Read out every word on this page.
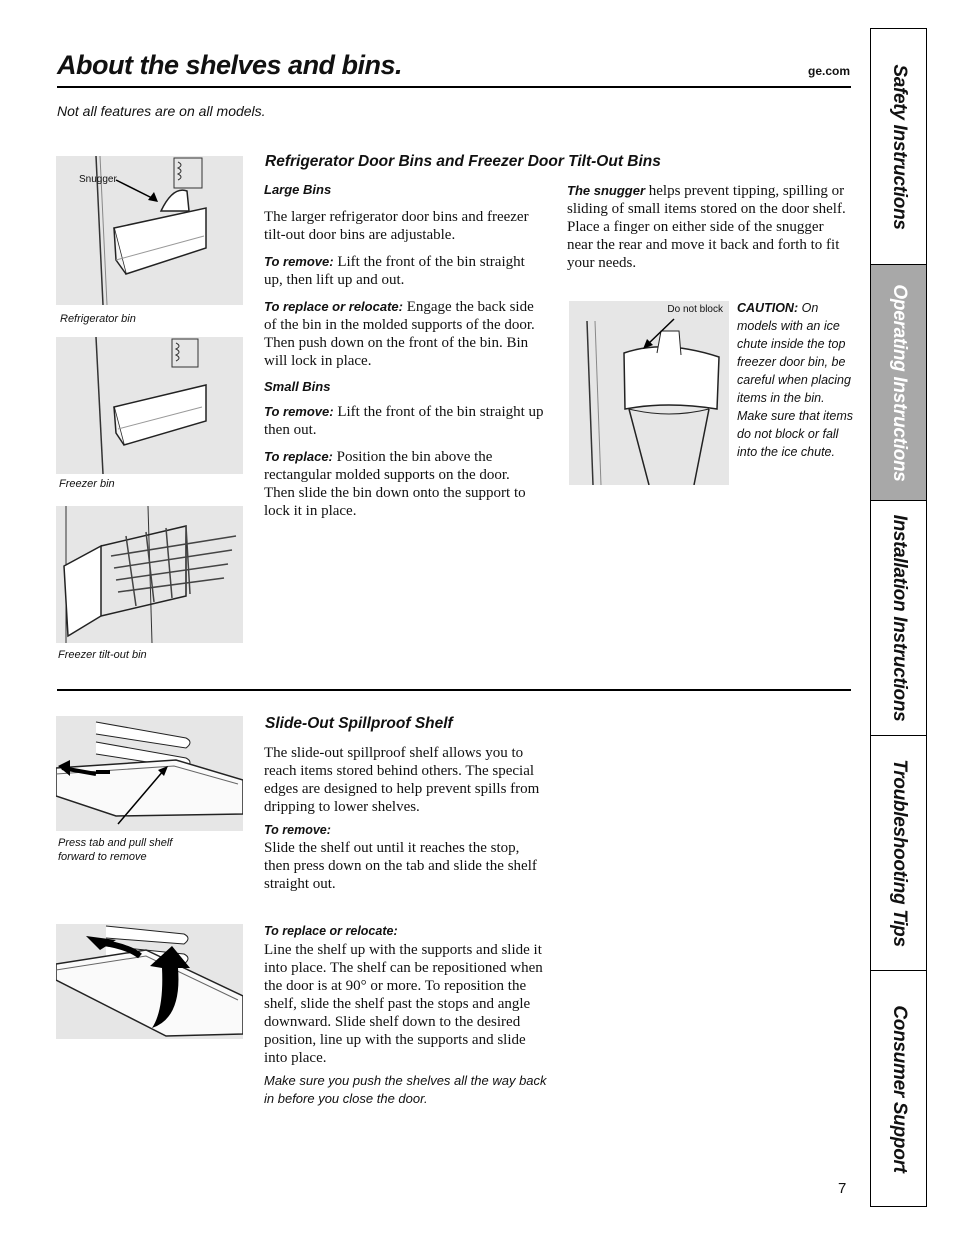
About the shelves and bins.	ge.com
Not all features are on all models.
Snugger
Refrigerator bin
Freezer bin
Freezer tilt-out bin
Refrigerator Door Bins and Freezer Door Tilt-Out Bins
Large Bins
The larger refrigerator door bins and freezer tilt-out door bins are adjustable.
To remove: Lift the front of the bin straight up, then lift up and out.
To replace or relocate: Engage the back side of the bin in the molded supports of the door. Then push down on the front of the bin. Bin will lock in place.
Small Bins
To remove: Lift the front of the bin straight up then out.
To replace: Position the bin above the rectangular molded supports on the door. Then slide the bin down onto the support to lock it in place.
The snugger helps prevent tipping, spilling or sliding of small items stored on the door shelf. Place a finger on either side of the snugger near the rear and move it back and forth to fit your needs.
Do not block CAUTION: On models with an ice chute inside the top freezer door bin, be careful when placing items in the bin. Make sure that items do not block or fall into the ice chute.
Press tab and pull shelf forward to remove
Slide-Out Spillproof Shelf
The slide-out spillproof shelf allows you to reach items stored behind others. The special edges are designed to help prevent spills from dripping to lower shelves.
To remove:
Slide the shelf out until it reaches the stop, then press down on the tab and slide the shelf straight out.
To replace or relocate:
Line the shelf up with the supports and slide it into place. The shelf can be repositioned when the door is at 90° or more. To reposition the shelf, slide the shelf past the stops and angle downward. Slide shelf down to the desired position, line up with the supports and slide into place.
Make sure you push the shelves all the way back in before you close the door.
Safety Instructions
Operating Instructions
Installation Instructions
Troubleshooting Tips
Consumer Support
7
